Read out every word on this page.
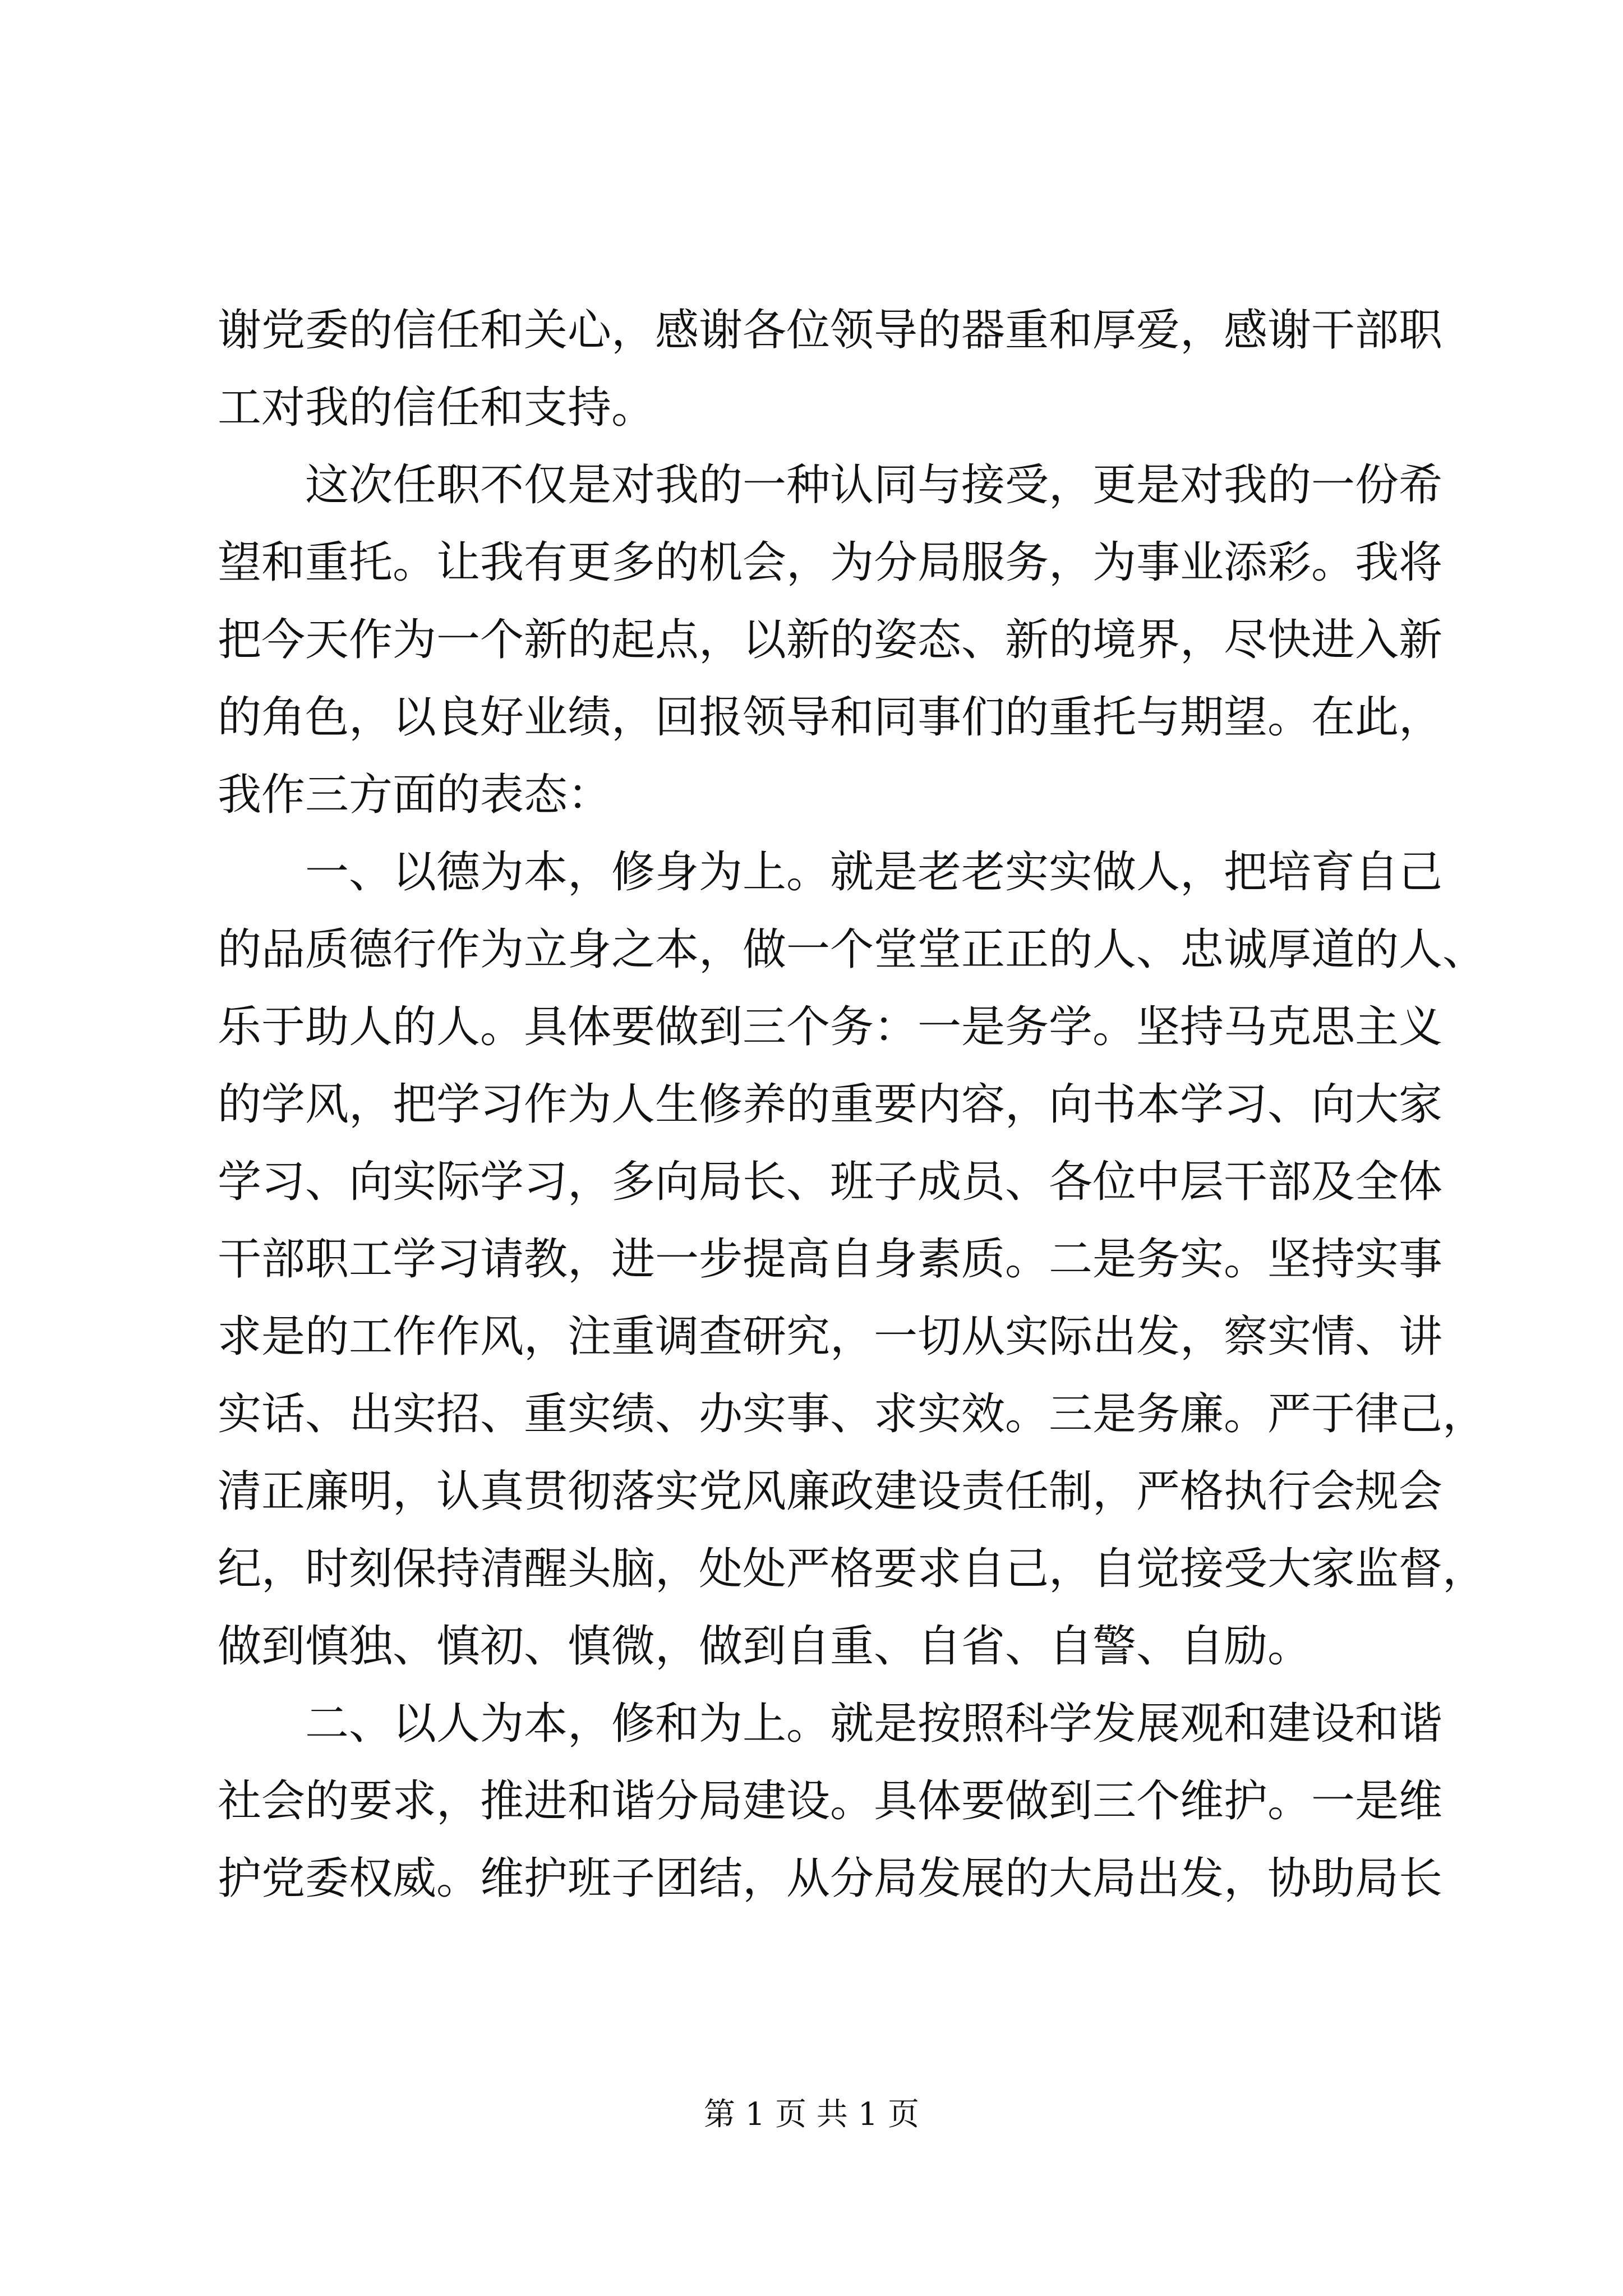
谢党委的信任和关心，感谢各位领导的器重和厚爱，感谢干部职
工对我的信任和支持。
这次任职不仅是对我的一种认同与接受，更是对我的一份希
望和重托。让我有更多的机会，为分局服务，为事业添彩。我将
把今天作为一个新的起点，以新的姿态、新的境界，尽快进入新
的角色，以良好业绩，回报领导和同事们的重托与期望。在此，
我作三方面的表态：
一、以德为本，修身为上。就是老老实实做人，把培育自己
的品质德行作为立身之本，做一个堂堂正正的人、忠诚厚道的人、
乐于助人的人。具体要做到三个务：一是务学。坚持马克思主义
的学风，把学习作为人生修养的重要内容，向书本学习、向大家
学习、向实际学习，多向局长、班子成员、各位中层干部及全体
干部职工学习请教，进一步提高自身素质。二是务实。坚持实事
求是的工作作风，注重调查研究，一切从实际出发，察实情、讲
实话、出实招、重实绩、办实事、求实效。三是务廉。严于律己，
清正廉明，认真贯彻落实党风廉政建设责任制，严格执行会规会
纪，时刻保持清醒头脑，处处严格要求自己，自觉接受大家监督，
做到慎独、慎初、慎微，做到自重、自省、自警、自励。
二、以人为本，修和为上。就是按照科学发展观和建设和谐
社会的要求，推进和谐分局建设。具体要做到三个维护。一是维
护党委权威。维护班子团结，从分局发展的大局出发，协助局长
第 1 页 共 1 页
